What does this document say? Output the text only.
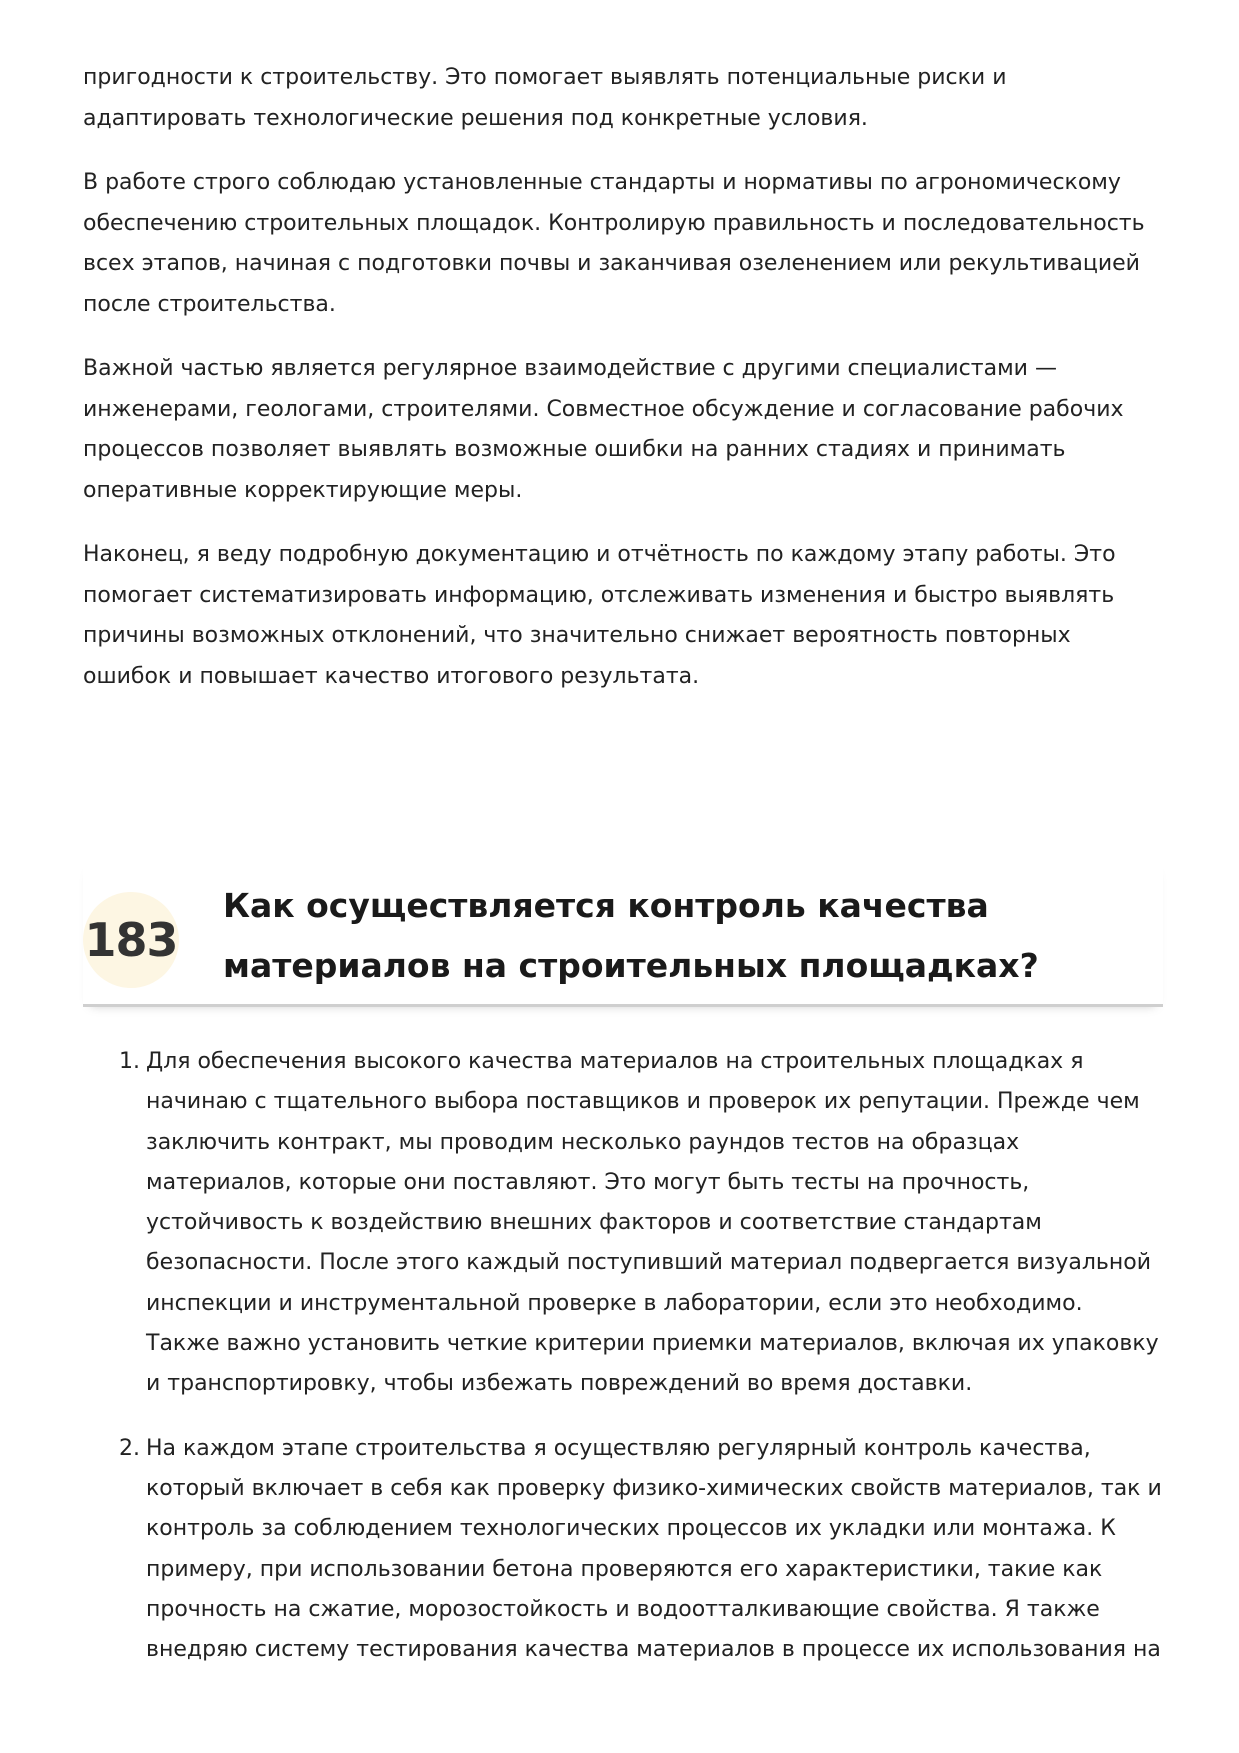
пригодности к строительству. Это помогает выявлять потенциальные риски и адаптировать технологические решения под конкретные условия.

В работе строго соблюдаю установленные стандарты и нормативы по агрономическому обеспечению строительных площадок. Контролирую правильность и последовательность всех этапов, начиная с подготовки почвы и заканчивая озеленением или рекультивацией после строительства.

Важной частью является регулярное взаимодействие с другими специалистами — инженерами, геологами, строителями. Совместное обсуждение и согласование рабочих процессов позволяет выявлять возможные ошибки на ранних стадиях и принимать оперативные корректирующие меры.

Наконец, я веду подробную документацию и отчётность по каждому этапу работы. Это помогает систематизировать информацию, отслеживать изменения и быстро выявлять причины возможных отклонений, что значительно снижает вероятность повторных ошибок и повышает качество итогового результата.

183
Как осуществляется контроль качества материалов на строительных площадках?
1. Для обеспечения высокого качества материалов на строительных площадках я начинаю с тщательного выбора поставщиков и проверок их репутации. Прежде чем заключить контракт, мы проводим несколько раундов тестов на образцах материалов, которые они поставляют. Это могут быть тесты на прочность, устойчивость к воздействию внешних факторов и соответствие стандартам безопасности. После этого каждый поступивший материал подвергается визуальной инспекции и инструментальной проверке в лаборатории, если это необходимо. Также важно установить четкие критерии приемки материалов, включая их упаковку и транспортировку, чтобы избежать повреждений во время доставки.
2. На каждом этапе строительства я осуществляю регулярный контроль качества, который включает в себя как проверку физико-химических свойств материалов, так и контроль за соблюдением технологических процессов их укладки или монтажа. К примеру, при использовании бетона проверяются его характеристики, такие как прочность на сжатие, морозостойкость и водоотталкивающие свойства. Я также внедряю систему тестирования качества материалов в процессе их использования на
